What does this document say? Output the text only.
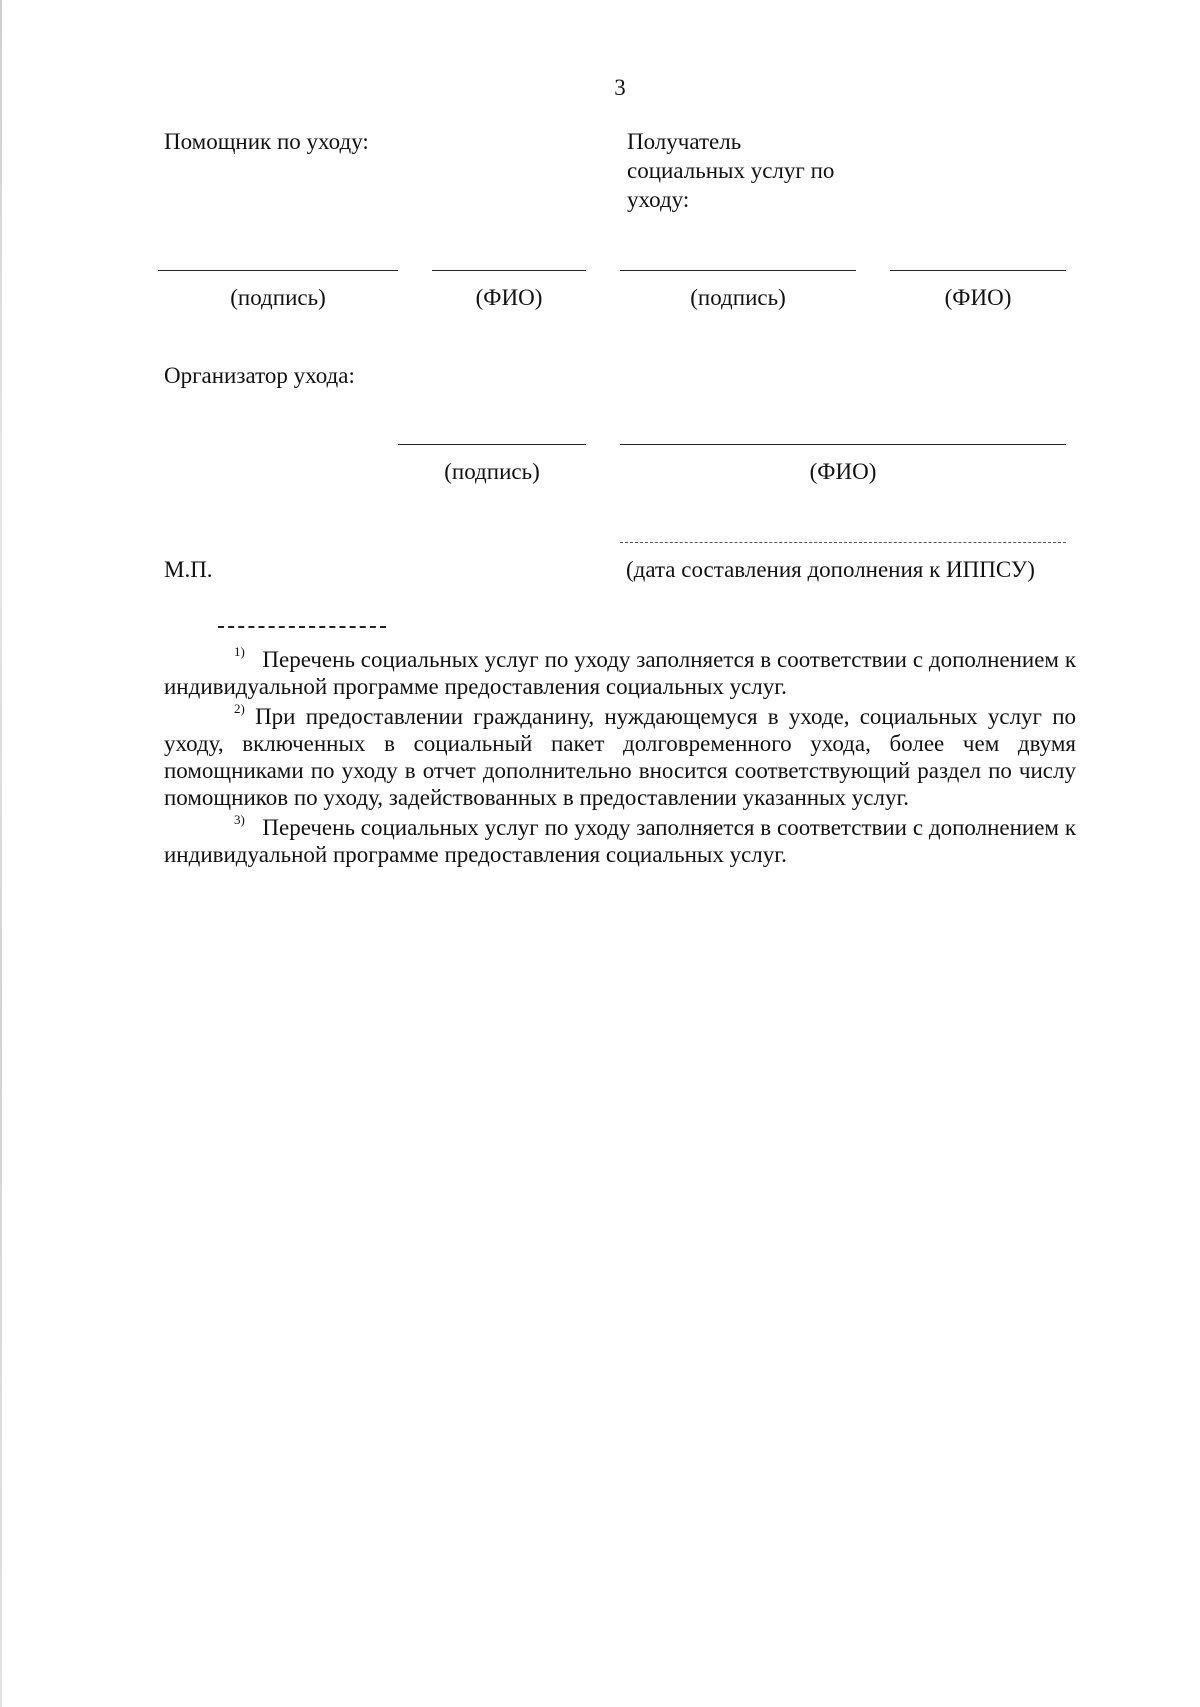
3
Помощник по уходу:	Получатель
социальных услуг по
уходу:
(подпись)	(ФИО)	(подпись)	(ФИО)
Организатор ухода:
(подпись)	(ФИО)
М.П.	(дата составления дополнения к ИППСУ)
$^{1)}$ Перечень социальных услуг по уходу заполняется в соответствии с дополнением к индивидуальной программе предоставления социальных услуг.
$^{2)}$ При предоставлении гражданину, нуждающемуся в уходе, социальных услуг по уходу, включенных в социальный пакет долговременного ухода, более чем двумя помощниками по уходу в отчет дополнительно вносится соответствующий раздел по числу помощников по уходу, задействованных в предоставлении указанных услуг.
$^{3)}$ Перечень социальных услуг по уходу заполняется в соответствии с дополнением к индивидуальной программе предоставления социальных услуг.
